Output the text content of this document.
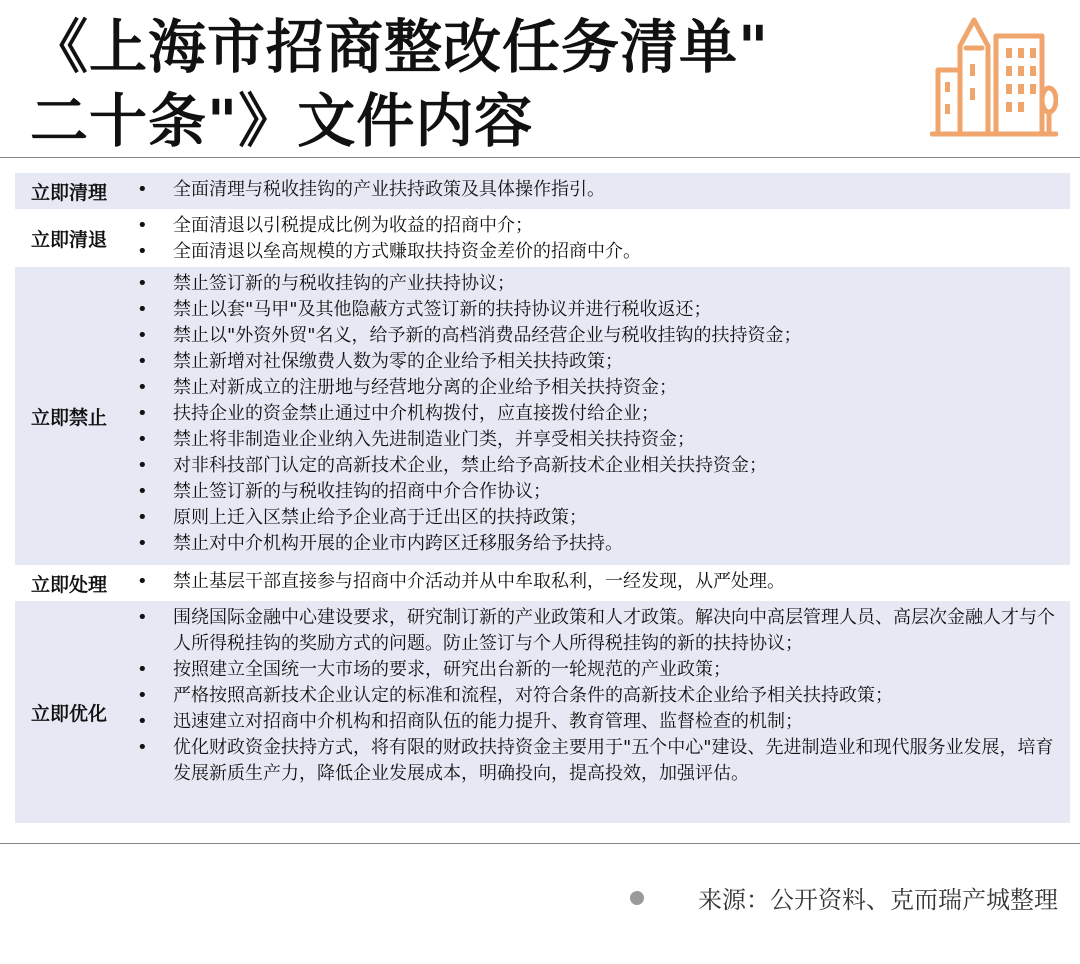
《上海市招商整改任务清单"
二十条"》文件内容
立即清理 • 全面清理与税收挂钩的产业扶持政策及具体操作指引。
立即清退
• 全面清退以引税提成比例为收益的招商中介；
• 全面清退以垒高规模的方式赚取扶持资金差价的招商中介。
立即禁止
• 禁止签订新的与税收挂钩的产业扶持协议；
• 禁止以套"马甲"及其他隐蔽方式签订新的扶持协议并进行税收返还；
• 禁止以"外资外贸"名义，给予新的高档消费品经营企业与税收挂钩的扶持资金；
• 禁止新增对社保缴费人数为零的企业给予相关扶持政策；
• 禁止对新成立的注册地与经营地分离的企业给予相关扶持资金；
• 扶持企业的资金禁止通过中介机构拨付，应直接拨付给企业；
• 禁止将非制造业企业纳入先进制造业门类，并享受相关扶持资金；
• 对非科技部门认定的高新技术企业，禁止给予高新技术企业相关扶持资金；
• 禁止签订新的与税收挂钩的招商中介合作协议；
• 原则上迁入区禁止给予企业高于迁出区的扶持政策；
• 禁止对中介机构开展的企业市内跨区迁移服务给予扶持。
立即处理 • 禁止基层干部直接参与招商中介活动并从中牟取私利，一经发现，从严处理。
立即优化
• 围绕国际金融中心建设要求，研究制订新的产业政策和人才政策。解决向中高层管理人员、高层次金融人才与个人所得税挂钩的奖励方式的问题。防止签订与个人所得税挂钩的新的扶持协议；
• 按照建立全国统一大市场的要求，研究出台新的一轮规范的产业政策；
• 严格按照高新技术企业认定的标准和流程，对符合条件的高新技术企业给予相关扶持政策；
• 迅速建立对招商中介机构和招商队伍的能力提升、教育管理、监督检查的机制；
• 优化财政资金扶持方式，将有限的财政扶持资金主要用于"五个中心"建设、先进制造业和现代服务业发展，培育发展新质生产力，降低企业发展成本，明确投向，提高投效，加强评估。
来源：公开资料、克而瑞产城整理
